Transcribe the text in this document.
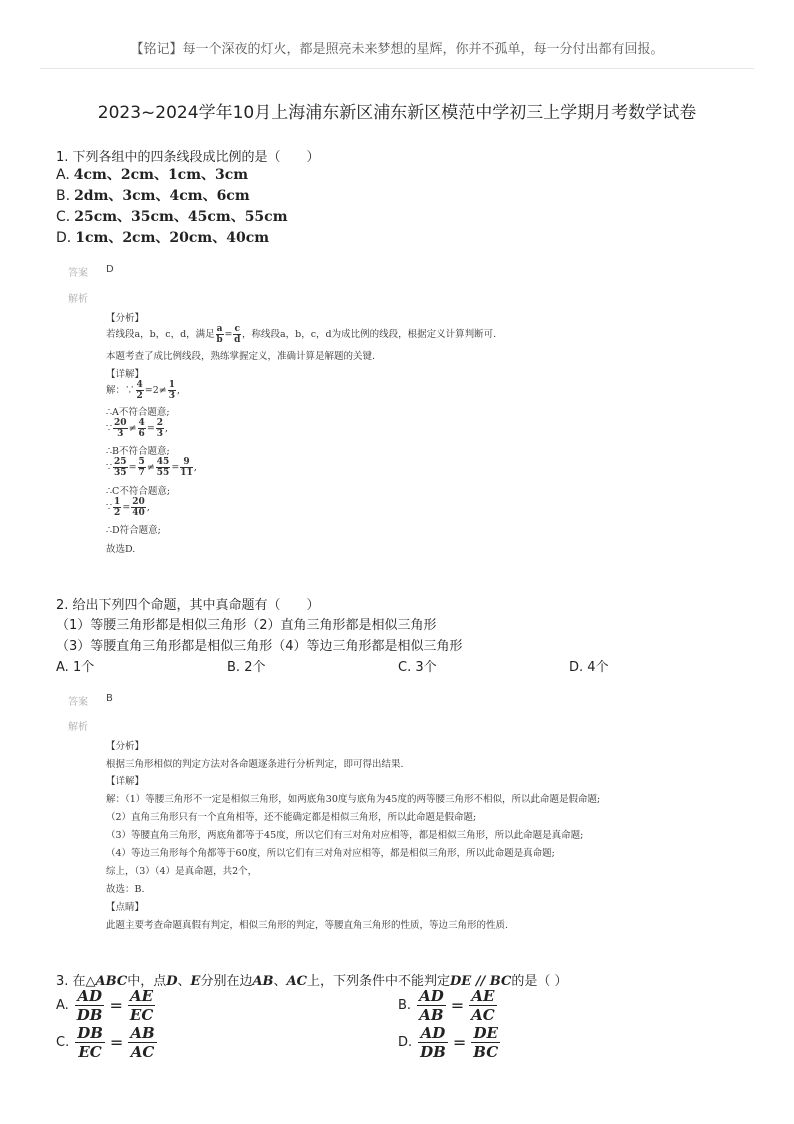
【铭记】每一个深夜的灯火，都是照亮未来梦想的星辉，你并不孤单，每一分付出都有回报。
2023~2024学年10月上海浦东新区浦东新区模范中学初三上学期月考数学试卷
1. 下列各组中的四条线段成比例的是（　　）
A. 4cm、2cm、1cm、3cm
B. 2dm、3cm、4cm、6cm
C. 25cm、35cm、45cm、55cm
D. 1cm、2cm、20cm、40cm
答案 D
解析
【分析】
若线段a，b，c，d，满足 $\frac{a}{b} = \frac{c}{d}$ ，称线段a，b，c，d为成比例的线段，根据定义计算判断可.
本题考查了成比例线段，熟练掌握定义，准确计算是解题的关键.
【详解】
解：∵ $\frac{4}{2} =2\ne \frac{1}{3}$ ,
∴A不符合题意;
∵ $\frac{20}{3} \ne \frac{4}{6} = \frac{2}{3}$ ,
∴B不符合题意;
∵ $\frac{25}{35} = \frac{5}{7} \ne \frac{45}{55} = \frac{9}{11}$ ,
∴C不符合题意;
∵ $\frac{1}{2} = \frac{20}{40}$ ,
∴D符合题意;
故选D.
2. 给出下列四个命题，其中真命题有（　　）
（1）等腰三角形都是相似三角形（2）直角三角形都是相似三角形
（3）等腰直角三角形都是相似三角形（4）等边三角形都是相似三角形
A. 1个	B. 2个	C. 3个	D. 4个
答案 B
解析
【分析】
根据三角形相似的判定方法对各命题逐条进行分析判定，即可得出结果.
【详解】
解：（1）等腰三角形不一定是相似三角形，如两底角30度与底角为45度的两等腰三角形不相似，所以此命题是假命题;
（2）直角三角形只有一个直角相等，还不能确定都是相似三角形，所以此命题是假命题;
（3）等腰直角三角形，两底角都等于45度，所以它们有三对角对应相等，都是相似三角形，所以此命题是真命题;
（4）等边三角形每个角都等于60度，所以它们有三对角对应相等，都是相似三角形，所以此命题是真命题;
综上，（3）（4）是真命题，共2个，
故选：B.
【点睛】
此题主要考查命题真假有判定，相似三角形的判定，等腰直角三角形的性质，等边三角形的性质.
3. 在△ABC中，点D、E分别在边AB、AC上，下列条件中不能判定DE // BC的是（ ）
A. $\frac{AD}{DB} = \frac{AE}{EC}$	B. $\frac{AD}{AB} = \frac{AE}{AC}$
C. $\frac{DB}{EC} = \frac{AB}{AC}$	D. $\frac{AD}{DB} = \frac{DE}{BC}$
